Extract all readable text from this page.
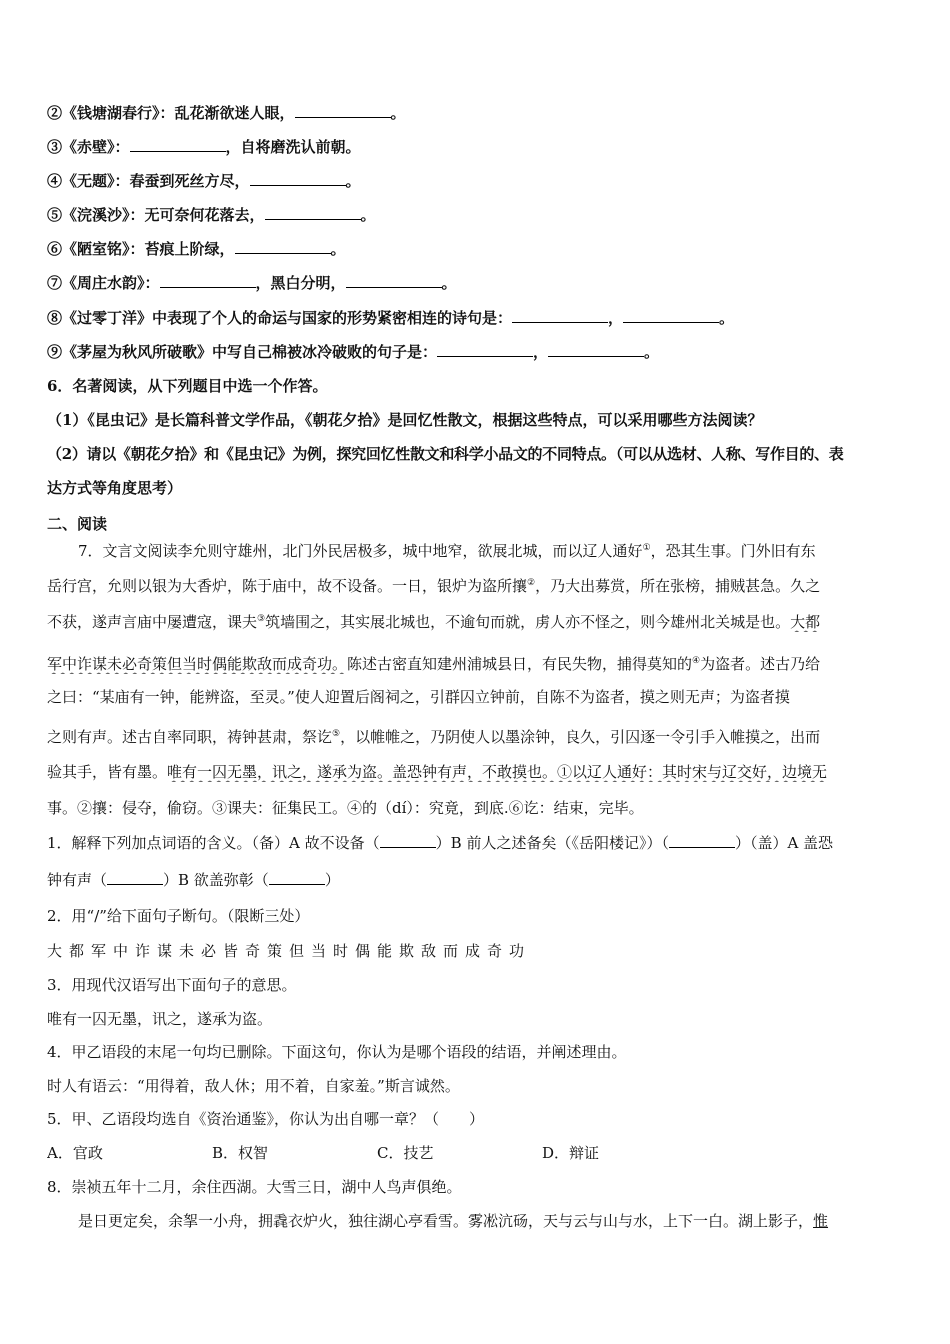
②《钱塘湖春行》：乱花渐欲迷人眼，	。
③《赤壁》：	，自将磨洗认前朝。
④《无题》：春蚕到死丝方尽，	。
⑤《浣溪沙》：无可奈何花落去，	。
⑥《陋室铭》：苔痕上阶绿，	。
⑦《周庄水韵》：	，黑白分明，	。
⑧《过零丁洋》中表现了个人的命运与国家的形势紧密相连的诗句是：	，	。
⑨《茅屋为秋风所破歌》中写自己棉被冰冷破败的句子是：	，	。
6．名著阅读，从下列题目中选一个作答。
（1）《昆虫记》是长篇科普文学作品，《朝花夕拾》是回忆性散文，根据这些特点，可以采用哪些方法阅读？
（2）请以《朝花夕拾》和《昆虫记》为例，探究回忆性散文和科学小品文的不同特点。（可以从选材、人称、写作目的、表
达方式等角度思考）
二、阅读
7．文言文阅读李允则守雄州，北门外民居极多，城中地窄，欲展北城，而以辽人通好①，恐其生事。门外旧有东
岳行宫，允则以银为大香炉，陈于庙中，故不设备。一日，银炉为盗所攘②，乃大出募赏，所在张榜，捕贼甚急。久之
不获，遂声言庙中屡遭寇，课夫③筑墙围之，其实展北城也，不逾旬而就，虏人亦不怪之，则今雄州北关城是也。大都
军中诈谋未必奇策但当时偶能欺敌而成奇功。陈述古密直知建州浦城县日，有民失物，捕得莫知的④为盗者。述古乃给
之曰：“某庙有一钟，能辨盗，至灵。”使人迎置后阁祠之，引群囚立钟前，自陈不为盗者，摸之则无声；为盗者摸
之则有声。述古自率同职，祷钟甚肃，祭讫⑤，以帷帷之，乃阴使人以墨涂钟，良久，引囚逐一令引手入帷摸之，出而
验其手，皆有墨。唯有一囚无墨，讯之，遂承为盗。盖恐钟有声，不敢摸也。①以辽人通好：其时宋与辽交好，边境无
事。②攘：侵夺，偷窃。③课夫：征集民工。④的（dí）：究竟，到底.⑥讫：结束，完毕。
1．解释下列加点词语的含义。（备）A 故不设备（	）B 前人之述备矣（《岳阳楼记》）（	）（盖）A 盖恐
钟有声（	）B 欲盖弥彰（	）
2．用“/”给下面句子断句。（限断三处）
大都军中诈谋未必皆奇策但当时偶能欺敌而成奇功
3．用现代汉语写出下面句子的意思。
唯有一囚无墨，讯之，遂承为盗。
4．甲乙语段的末尾一句均已删除。下面这句，你认为是哪个语段的结语，并阐述理由。
时人有语云：“用得着，敌人休；用不着，自家羞。”斯言诚然。
5．甲、乙语段均选自《资治通鉴》，你认为出自哪一章？（　　）
A．官政	B．权智	C．技艺	D．辩证
8．崇祯五年十二月，余住西湖。大雪三日，湖中人鸟声俱绝。
是日更定矣，余挐一小舟，拥毳衣炉火，独往湖心亭看雪。雾凇沆砀，天与云与山与水，上下一白。湖上影子，惟
